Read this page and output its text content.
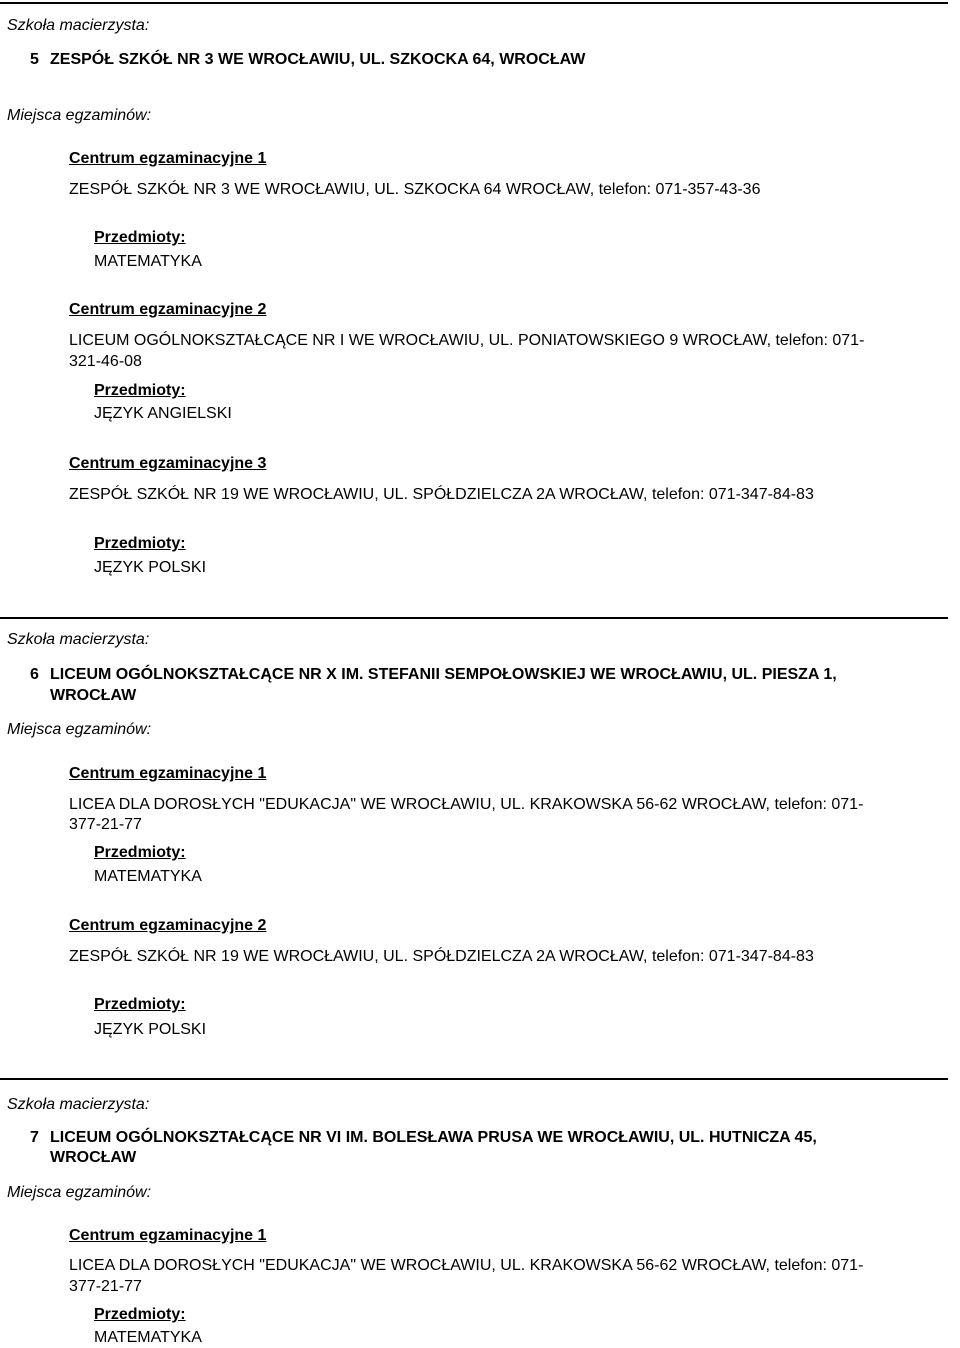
Szkoła macierzysta:
5 ZESPÓŁ SZKÓŁ NR 3 WE WROCŁAWIU, UL. SZKOCKA 64, WROCŁAW
Miejsca egzaminów:
Centrum egzaminacyjne 1
ZESPÓŁ SZKÓŁ NR 3 WE WROCŁAWIU, UL. SZKOCKA 64 WROCŁAW, telefon: 071-357-43-36
Przedmioty:
MATEMATYKA
Centrum egzaminacyjne 2
LICEUM OGÓLNOKSZTAŁCĄCE NR I WE WROCŁAWIU, UL. PONIATOWSKIEGO 9 WROCŁAW, telefon: 071-
321-46-08
Przedmioty:
JĘZYK ANGIELSKI
Centrum egzaminacyjne 3
ZESPÓŁ SZKÓŁ NR 19 WE WROCŁAWIU, UL. SPÓŁDZIELCZA 2A WROCŁAW, telefon: 071-347-84-83
Przedmioty:
JĘZYK POLSKI
Szkoła macierzysta:
6 LICEUM OGÓLNOKSZTAŁCĄCE NR X IM. STEFANII SEMPOŁOWSKIEJ WE WROCŁAWIU, UL. PIESZA 1,
WROCŁAW
Miejsca egzaminów:
Centrum egzaminacyjne 1
LICEA DLA DOROSŁYCH "EDUKACJA" WE WROCŁAWIU, UL. KRAKOWSKA 56-62 WROCŁAW, telefon: 071-
377-21-77
Przedmioty:
MATEMATYKA
Centrum egzaminacyjne 2
ZESPÓŁ SZKÓŁ NR 19 WE WROCŁAWIU, UL. SPÓŁDZIELCZA 2A WROCŁAW, telefon: 071-347-84-83
Przedmioty:
JĘZYK POLSKI
Szkoła macierzysta:
7 LICEUM OGÓLNOKSZTAŁCĄCE NR VI IM. BOLESŁAWA PRUSA WE WROCŁAWIU, UL. HUTNICZA 45,
WROCŁAW
Miejsca egzaminów:
Centrum egzaminacyjne 1
LICEA DLA DOROSŁYCH "EDUKACJA" WE WROCŁAWIU, UL. KRAKOWSKA 56-62 WROCŁAW, telefon: 071-
377-21-77
Przedmioty:
MATEMATYKA
